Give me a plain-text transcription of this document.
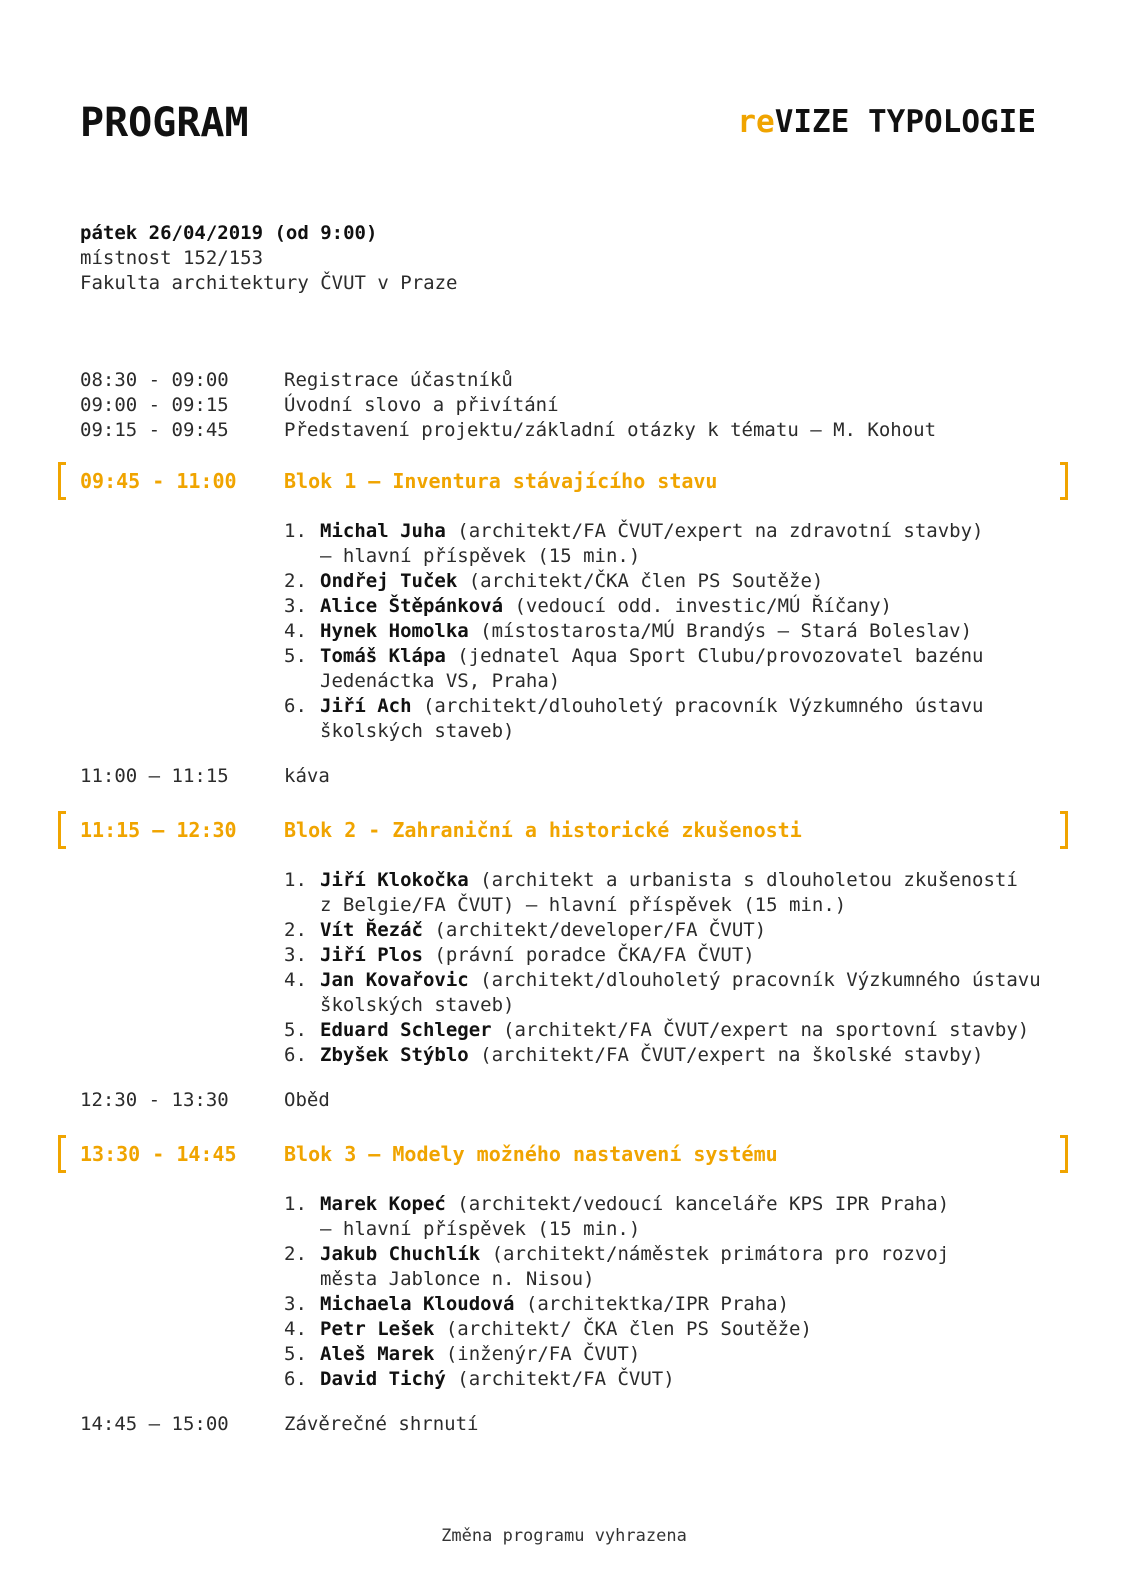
PROGRAM	reVIZE TYPOLOGIE
pátek 26/04/2019 (od 9:00)
místnost 152/153
Fakulta architektury ČVUT v Praze
08:30 - 09:00	Registrace účastníků
09:00 - 09:15	Úvodní slovo a přivítání
09:15 - 09:45	Představení projektu/základní otázky k tématu – M. Kohout
09:45 - 11:00 Blok 1 – Inventura stávajícího stavu
1. Michal Juha (architekt/FA ČVUT/expert na zdravotní stavby)
– hlavní příspěvek (15 min.)
2. Ondřej Tuček (architekt/ČKA člen PS Soutěže)
3. Alice Štěpánková (vedoucí odd. investic/MÚ Říčany)
4. Hynek Homolka (místostarosta/MÚ Brandýs – Stará Boleslav)
5. Tomáš Klápa (jednatel Aqua Sport Clubu/provozovatel bazénu
Jedenáctka VS, Praha)
6. Jiří Ach (architekt/dlouholetý pracovník Výzkumného ústavu
školských staveb)
11:00 – 11:15	káva
11:15 – 12:30 Blok 2 - Zahraniční a historické zkušenosti
1. Jiří Klokočka (architekt a urbanista s dlouholetou zkušeností
z Belgie/FA ČVUT) – hlavní příspěvek (15 min.)
2. Vít Řezáč (architekt/developer/FA ČVUT)
3. Jiří Plos (právní poradce ČKA/FA ČVUT)
4. Jan Kovařovic (architekt/dlouholetý pracovník Výzkumného ústavu
školských staveb)
5. Eduard Schleger (architekt/FA ČVUT/expert na sportovní stavby)
6. Zbyšek Stýblo (architekt/FA ČVUT/expert na školské stavby)
12:30 - 13:30	Oběd
13:30 - 14:45 Blok 3 – Modely možného nastavení systému
1. Marek Kopeć (architekt/vedoucí kanceláře KPS IPR Praha)
– hlavní příspěvek (15 min.)
2. Jakub Chuchlík (architekt/náměstek primátora pro rozvoj
města Jablonce n. Nisou)
3. Michaela Kloudová (architektka/IPR Praha)
4. Petr Lešek (architekt/ ČKA člen PS Soutěže)
5. Aleš Marek (inženýr/FA ČVUT)
6. David Tichý (architekt/FA ČVUT)
14:45 – 15:00	Závěrečné shrnutí
Změna programu vyhrazena
